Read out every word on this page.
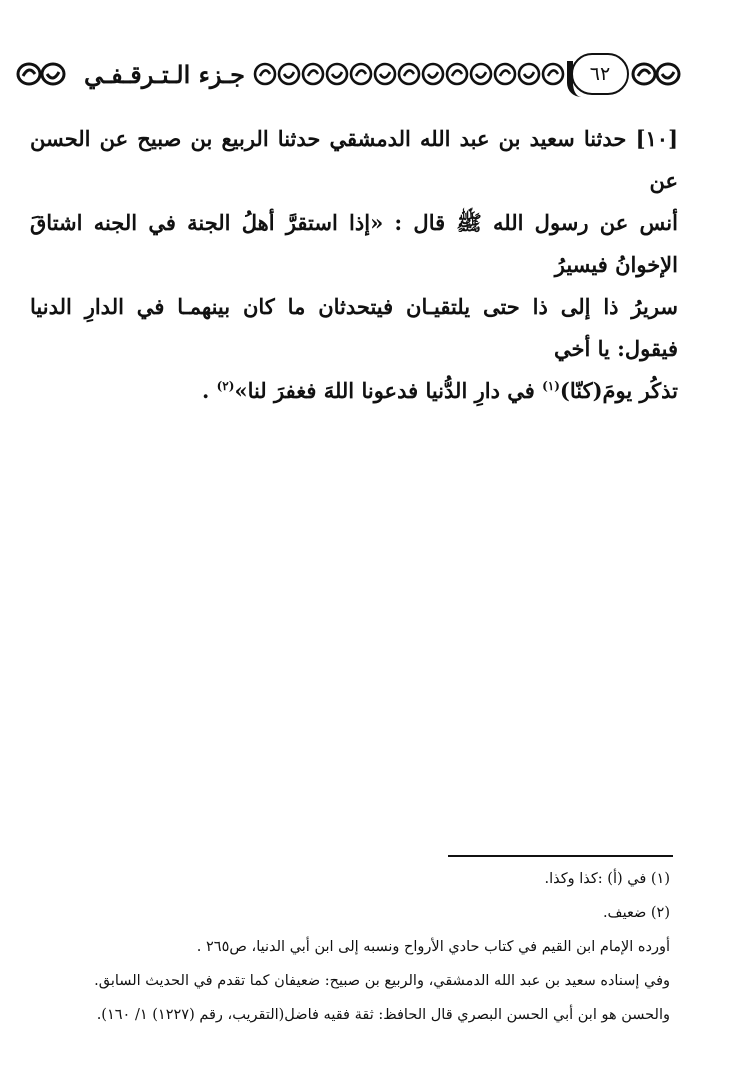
٦٢
جـزء الـتـرقـفـي
[١٠] حدثنا سعيد بن عبد الله الدمشقي حدثنا الربيع بن صبيح عن الحسن عن
أنس عن رسول الله ﷺ قال : «إذا استقرَّ أهلُ الجنة في الجنه اشتاقَ الإخوانُ فيسيرُ
سريرُ ذا إلى ذا حتى يلتقيـان فيتحدثان ما كان بينهمـا في الدارِ الدنيا فيقول: يا أخي
تذكُر يومَ(كنّا)$^{(١)}$ في دارِ الدُّنيا فدعونا اللهَ فغفرَ لنا»$^{(٢)}$ .
(١) في (أ) :كذا وكذا.
(٢) ضعيف.
أورده الإمام ابن القيم في كتاب حادي الأرواح ونسبه إلى ابن أبي الدنيا، ص٢٦٥ .
وفي إسناده سعيد بن عبد الله الدمشقي، والربيع بن صبيح: ضعيفان كما تقدم في الحديث السابق.
والحسن هو ابن أبي الحسن البصري قال الحافظ: ثقة فقيه فاضل(التقريب، رقم (١٢٢٧) ١/ ١٦٠).
